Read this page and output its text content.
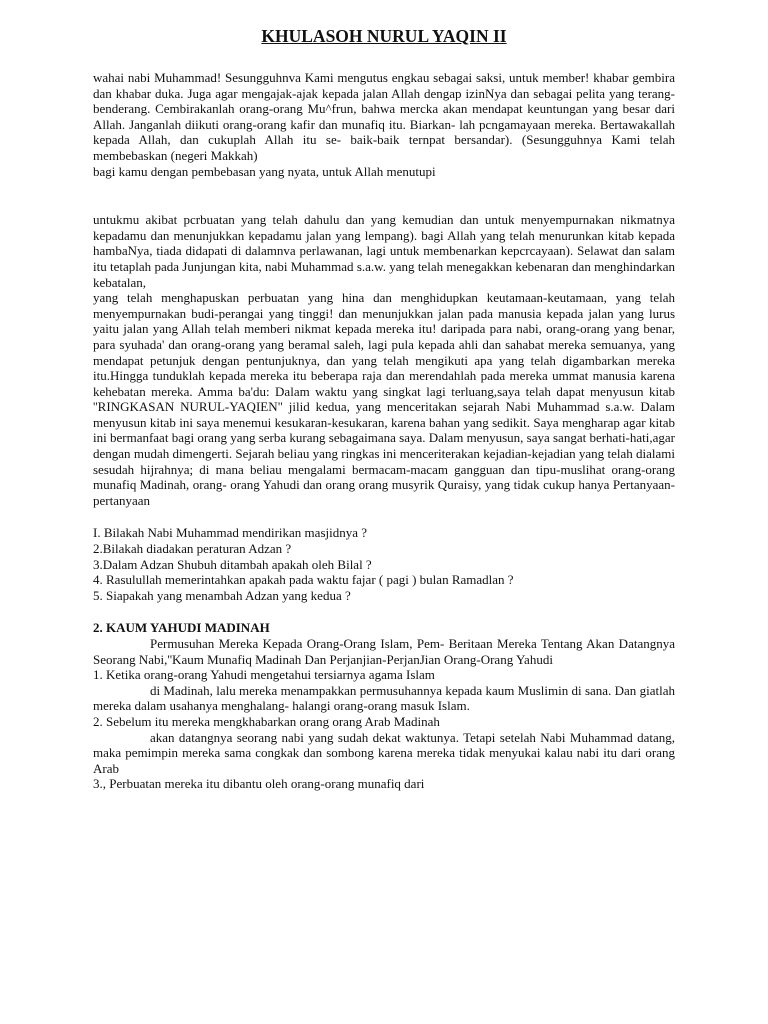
KHULASOH NURUL YAQIN II

wahai nabi Muhammad! Sesungguhnva Kami mengutus engkau sebagai saksi, untuk member! khabar gembira dan khabar duka. Juga agar mengajak-ajak kepada jalan Allah dengap izinNya dan sebagai pelita yang terang-benderang. Cembirakanlah orang-orang Mu^frun, bahwa mercka akan mendapat keuntungan yang besar dari Allah. Janganlah diikuti orang-orang kafir dan munafiq itu. Biarkan- lah pcngamayaan mereka. Bertawakallah kepada Allah, dan cukuplah Allah itu se- baik-baik ternpat bersandar). (Sesungguhnya Kami telah membebaskan (negeri Makkah)

bagi kamu dengan pembebasan yang nyata, untuk Allah menutupi

untukmu akibat pcrbuatan yang telah dahulu dan yang kemudian dan untuk menyempurnakan nikmatnya kepadamu dan menunjukkan kepadamu jalan yang lempang). bagi Allah yang telah menurunkan kitab kepada hambaNya, tiada didapati di dalamnva perlawanan, lagi untuk membenarkan kepcrcayaan). Selawat dan salam itu tetaplah pada Junjungan kita, nabi Muhammad s.a.w. yang telah menegakkan kebenaran dan menghindarkan kebatalan,

yang telah menghapuskan perbuatan yang hina dan menghidupkan keutamaan-keutamaan, yang telah menyempurnakan budi-perangai yang tinggi! dan menunjukkan jalan pada manusia kepada jalan yang lurus yaitu jalan yang Allah telah memberi nikmat kepada mereka itu! daripada para nabi, orang-orang yang benar, para syuhada' dan orang-orang yang beramal saleh, lagi pula kepada ahli dan sahabat mereka semuanya, yang mendapat petunjuk dengan pentunjuknya, dan yang telah mengikuti apa yang telah digambarkan mereka itu.Hingga tunduklah kepada mereka itu beberapa raja dan merendahlah pada mereka ummat manusia karena kehebatan mereka. Amma ba'du: Dalam waktu yang singkat lagi terluang,saya telah dapat menyusun kitab ''RINGKASAN NURUL-YAQIEN" jilid kedua, yang menceritakan sejarah Nabi Muhammad s.a.w. Dalam menyusun kitab ini saya menemui kesukaran-kesukaran, karena bahan yang sedikit. Saya mengharap agar kitab ini bermanfaat bagi orang yang serba kurang sebagaimana saya. Dalam menyusun, saya sangat berhati-hati,agar dengan mudah dimengerti. Sejarah beliau yang ringkas ini menceriterakan kejadian-kejadian yang telah dialami sesudah hijrahnya; di mana beliau mengalami bermacam-macam gangguan dan tipu-muslihat orang-orang munafiq Madinah, orang- orang Yahudi dan orang orang musyrik Quraisy, yang tidak cukup hanya Pertanyaan-pertanyaan

I. Bilakah Nabi Muhammad mendirikan masjidnya ?

2.Bilakah diadakan peraturan Adzan ?

3.Dalam Adzan Shubuh ditambah apakah oleh Bilal ?

4. Rasulullah memerintahkan apakah pada waktu fajar ( pagi ) bulan Ramadlan ?

5. Siapakah yang menambah Adzan yang kedua ?

2. KAUM YAHUDI MADINAH

Permusuhan Mereka Kepada Orang-Orang Islam, Pem- Beritaan Mereka Tentang Akan Datangnya Seorang Nabi,''Kaum Munafiq Madinah Dan Perjanjian-PerjanJian Orang-Orang Yahudi

1. Ketika orang-orang Yahudi mengetahui tersiarnya agama Islam

di Madinah, lalu mereka menampakkan permusuhannya kepada kaum Muslimin di sana. Dan giatlah mereka dalam usahanya menghalang- halangi orang-orang masuk Islam.

2. Sebelum itu mereka mengkhabarkan orang orang Arab Madinah

akan datangnya seorang nabi yang sudah dekat waktunya. Tetapi setelah Nabi Muhammad datang, maka pemimpin mereka sama congkak dan sombong karena mereka tidak menyukai kalau nabi itu dari orang Arab

3., Perbuatan mereka itu dibantu oleh orang-orang munafiq dari
